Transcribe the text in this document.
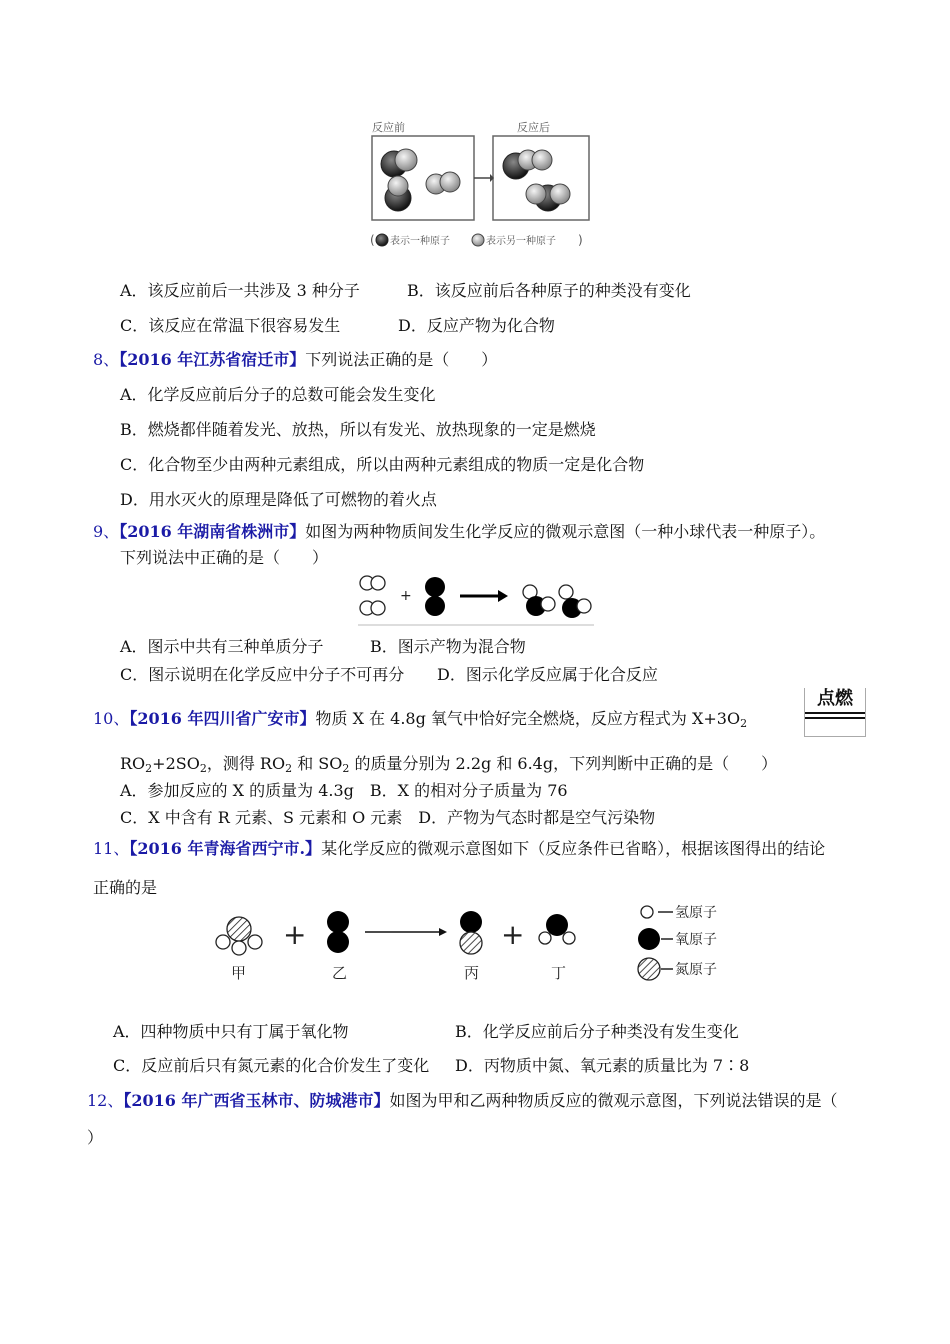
反应前	反应后
( 表示一种原子	表示另一种原子 )
A．该反应前后一共涉及 3 种分子	B．该反应前后各种原子的种类没有变化
C．该反应在常温下很容易发生	D．反应产物为化合物
8、【2016 年江苏省宿迁市】下列说法正确的是（　　）
A．化学反应前后分子的总数可能会发生变化
B．燃烧都伴随着发光、放热，所以有发光、放热现象的一定是燃烧
C．化合物至少由两种元素组成，所以由两种元素组成的物质一定是化合物
D．用水灭火的原理是降低了可燃物的着火点
9、【2016 年湖南省株洲市】如图为两种物质间发生化学反应的微观示意图（一种小球代表一种原子）。
下列说法中正确的是（　　）
+
A．图示中共有三种单质分子	B．图示产物为混合物
C．图示说明在化学反应中分子不可再分 D．图示化学反应属于化合反应
10、【2016 年四川省广安市】物质 X 在 4.8g 氧气中恰好完全燃烧，反应方程式为 $X+3O_2$
点燃
$RO_2+2SO_2$，测得 $RO_2$ 和 $SO_2$ 的质量分别为 2.2g 和 6.4g，下列判断中正确的是（　　）
A．参加反应的 X 的质量为 4.3g　B．X 的相对分子质量为 76
C．X 中含有 R 元素、S 元素和 O 元素　D．产物为气态时都是空气污染物
11、【2016 年青海省西宁市.】某化学反应的微观示意图如下（反应条件已省略），根据该图得出的结论
正确的是
甲
+
乙	丙
+
丁
氢原子
氧原子
氮原子
A．四种物质中只有丁属于氧化物	B．化学反应前后分子种类没有发生变化
C．反应前后只有氮元素的化合价发生了变化 D．丙物质中氮、氧元素的质量比为 7∶8
12、【2016 年广西省玉林市、防城港市】如图为甲和乙两种物质反应的微观示意图，下列说法错误的是（
）
